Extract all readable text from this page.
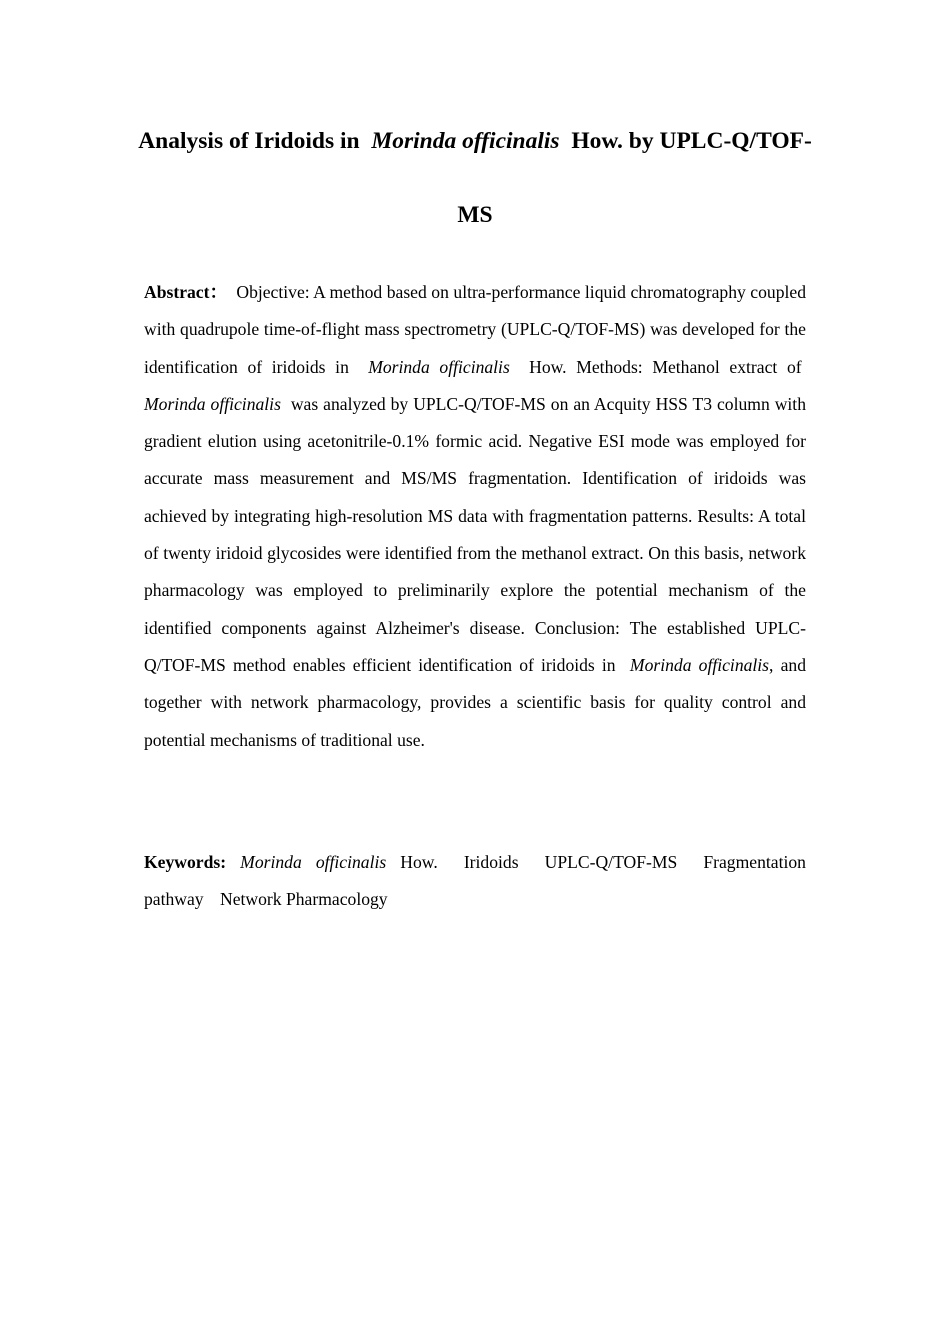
Analysis of Iridoids in Morinda officinalis How. by UPLC-Q/TOF-MS

Abstract： Objective: A method based on ultra-performance liquid chromatography coupled with quadrupole time-of-flight mass spectrometry (UPLC-Q/TOF-MS) was developed for the identification of iridoids in Morinda officinalis How. Methods: Methanol extract of  Morinda officinalis was analyzed by UPLC-Q/TOF-MS on an Acquity HSS T3 column with gradient elution using acetonitrile-0.1% formic acid. Negative ESI mode was employed for accurate mass measurement and MS/MS fragmentation. Identification of iridoids was achieved by integrating high-resolution MS data with fragmentation patterns. Results: A total of twenty iridoid glycosides were identified from the methanol extract. On this basis, network pharmacology was employed to preliminarily explore the potential mechanism of the identified components against Alzheimer's disease. Conclusion: The established UPLC-Q/TOF-MS method enables efficient identification of iridoids in Morinda officinalis, and together with network pharmacology, provides a scientific basis for quality control and potential mechanisms of traditional use.

Keywords: Morinda officinalis How. Iridoids UPLC-Q/TOF-MS Fragmentation pathway Network Pharmacology
